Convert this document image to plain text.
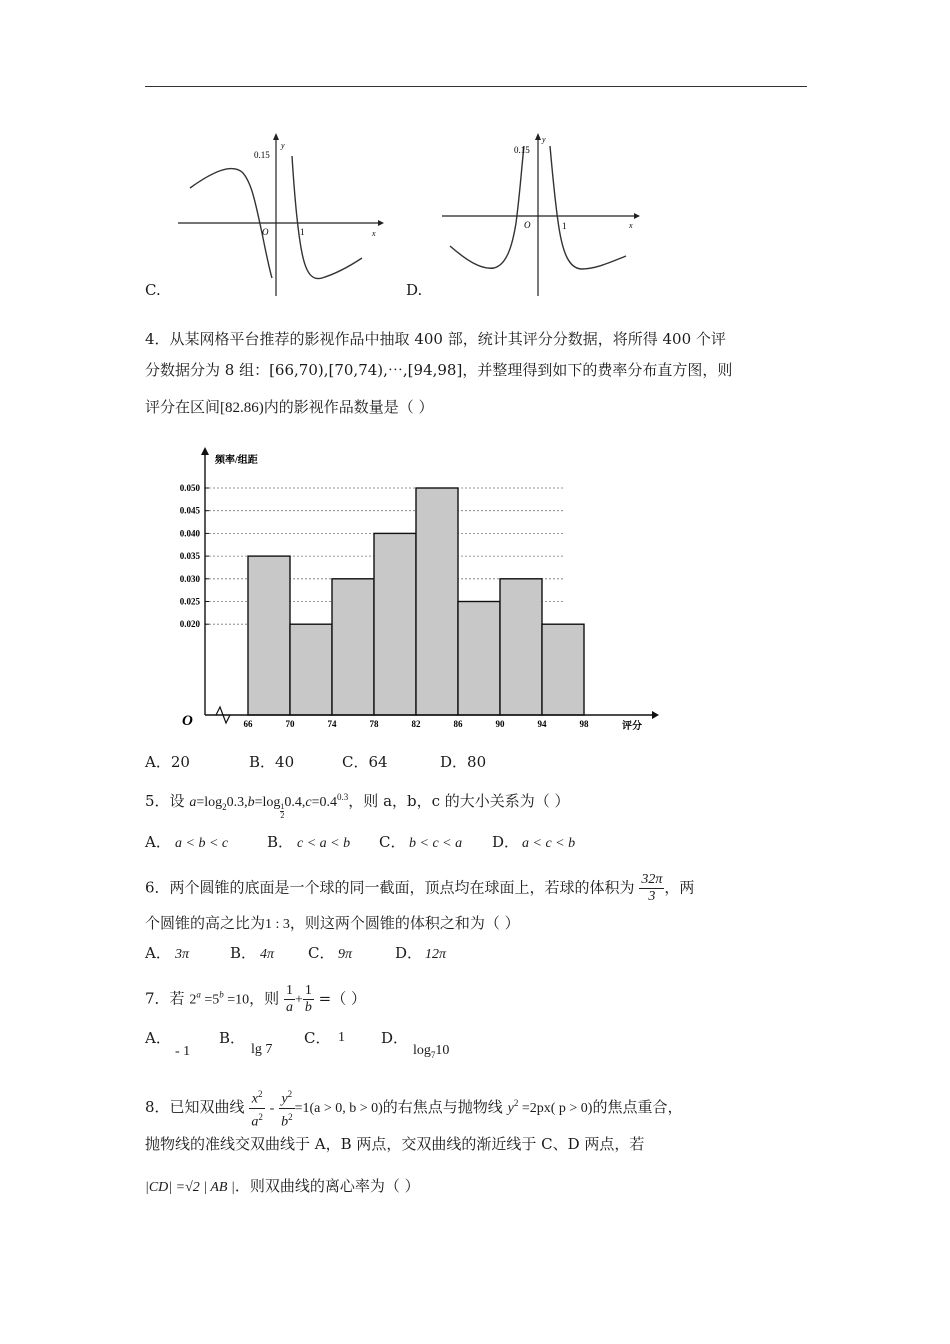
0.15
y
O	1	x
C.
0.15
y
O	1	x
D.
4．从某网格平台推荐的影视作品中抽取 400 部，统计其评分分数据，将所得 400 个评
分数据分为 8 组：[66,70),[70,74),⋯,[94,98]，并整理得到如下的费率分布直方图，则
评分在区间[82.86)内的影视作品数量是（ ）
0.050
0.045
0.040
0.035
0.030
0.025
0.020
66	70	74	78	82	86	90	94	98
频率/组距
评分
O
A．20	B．40	C．64	D．80
5．设 $a=\log_20.3,b=\log$
$\frac{1}{2}$
$0.4,c=0.4^{0.3}$，则 a，b，c 的大小关系为（ ）
A． a < b < c	B． c < a < b C． b < c < a D． a < c < b
6．两个圆锥的底面是一个球的同一截面，顶点均在球面上，若球的体积为 $\frac{32\pi}{3}$ ，两
个圆锥的高之比为1 : 3，则这两个圆锥的体积之和为（ ）
A． 3π	B． 4π C． 9π	D． 12π
7．若 $2^a =5^b =10$，则 $\frac{1}{a} + \frac{1}{b}$ =（ ）
A．
- 1
B．
lg 7
C． 1 D．
$\log_710$
8．已知双曲线 $\frac{x^2}{a^2} - \frac{y^2}{b^2} =1(a > 0$, b > 0)的右焦点与抛物线 $y^2 =2px$( p > 0)的焦点重合，
抛物线的准线交双曲线于 A，B 两点，交双曲线的渐近线于 C、D 两点，若
|CD| =√2 | AB |．则双曲线的离心率为（ ）
